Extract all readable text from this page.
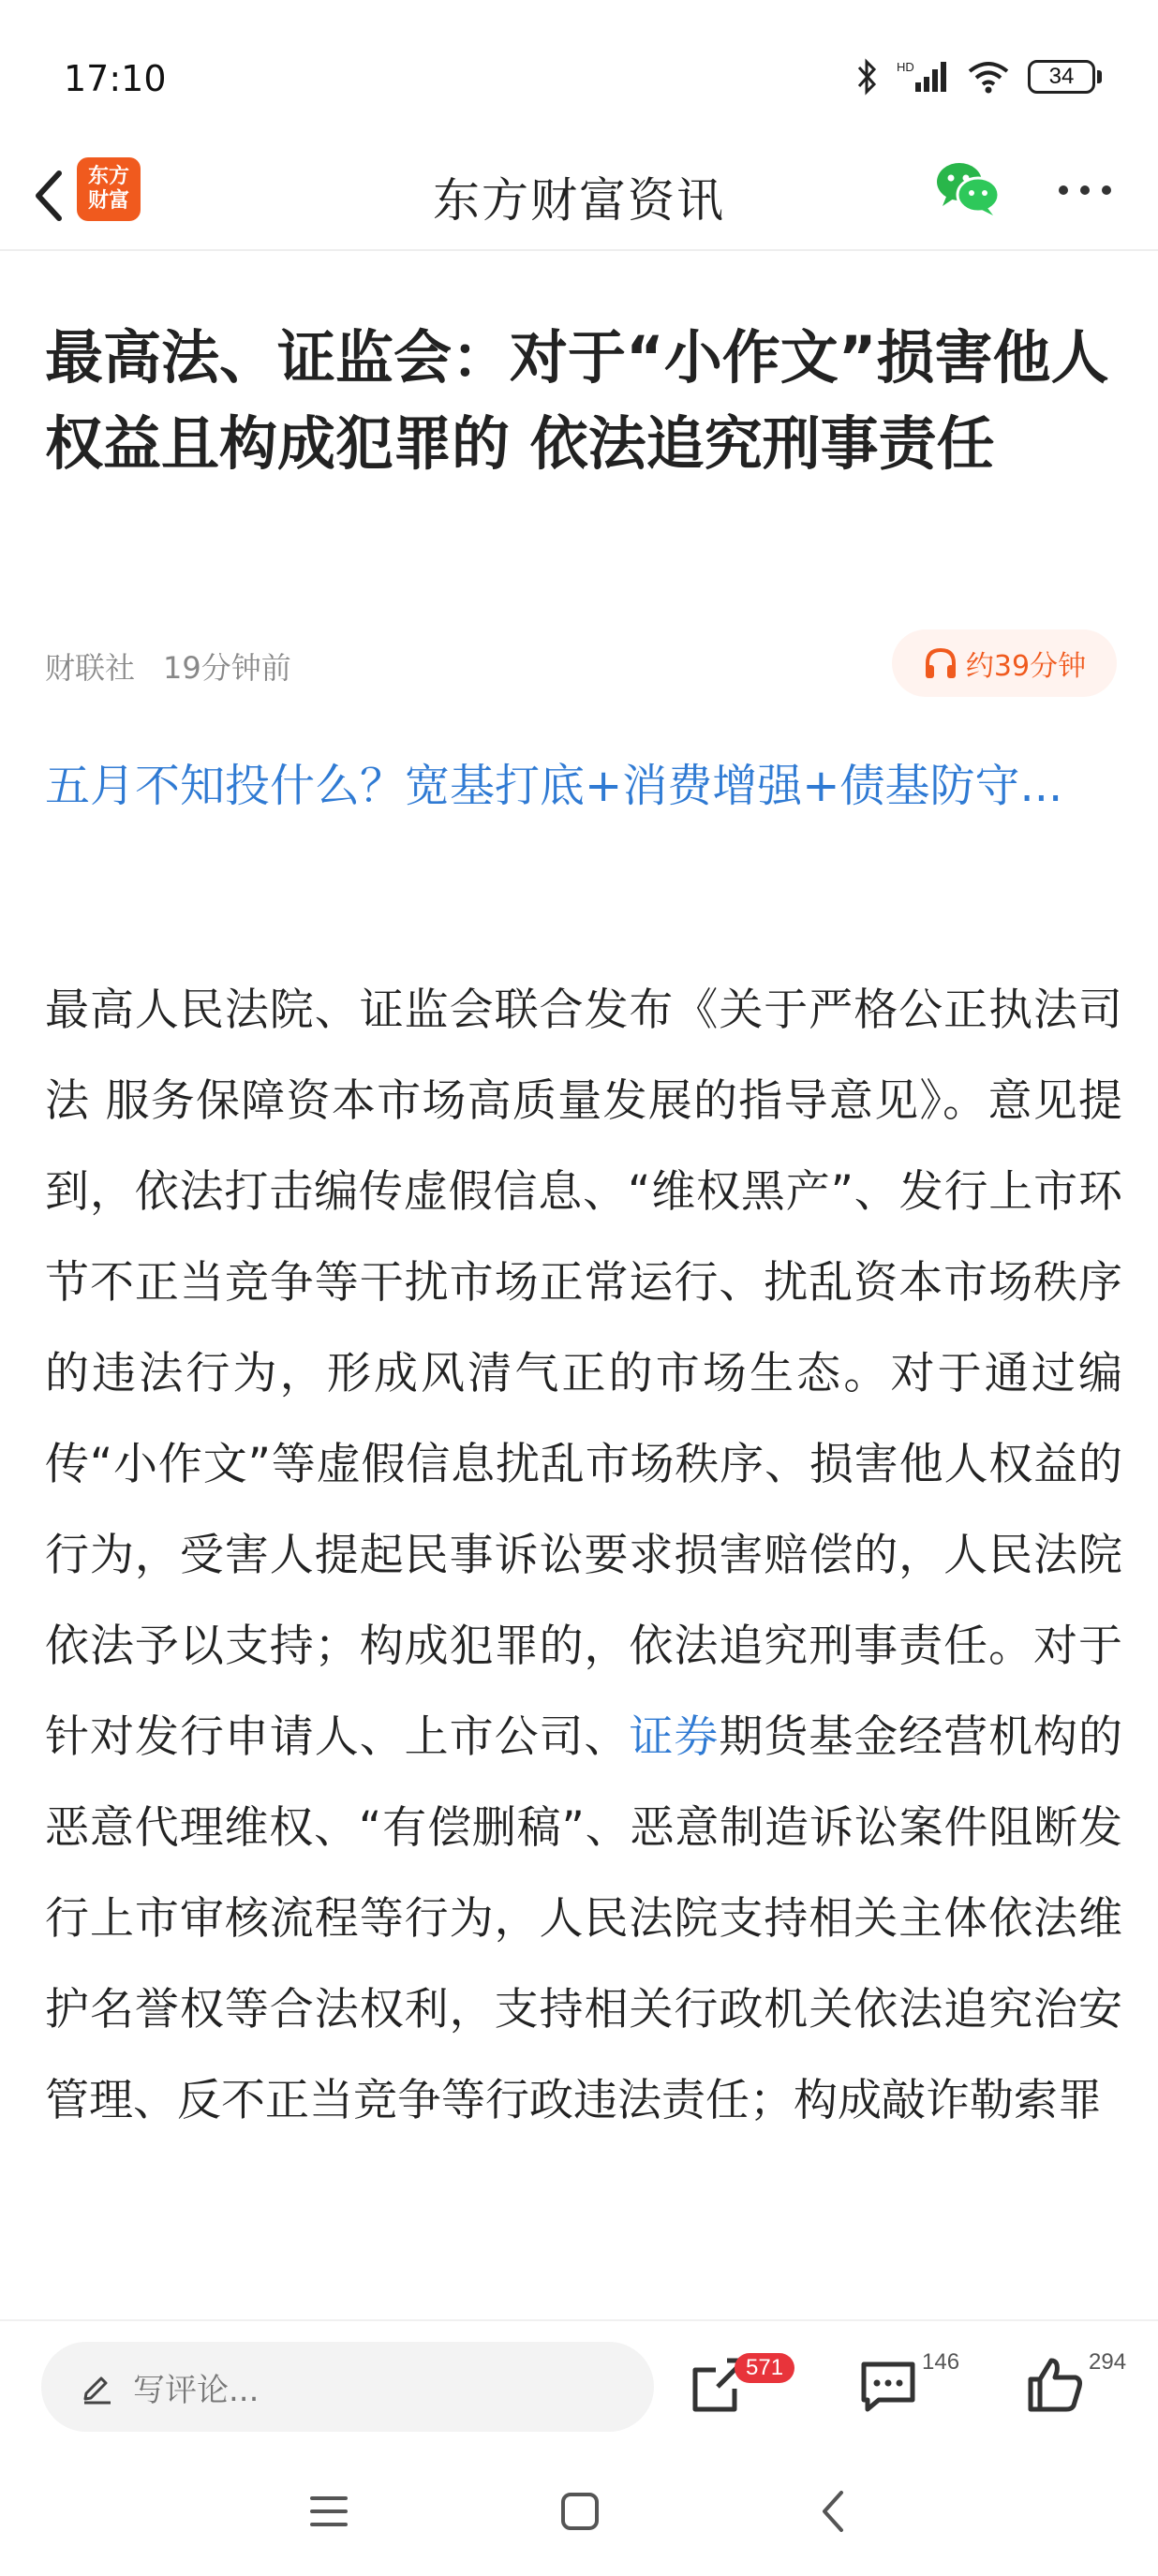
17:10	HD	34
东方
财富	东方财富资讯
最高法、证监会：对于“小作文”损害他人权益且构成犯罪的 依法追究刑事责任
财联社 19分钟前	约39分钟
五月不知投什么？宽基打底+消费增强+债基防守...
最高人民法院、证监会联合发布《关于严格公正执法司法 服务保障资本市场高质量发展的指导意见》。意见提到，依法打击编传虚假信息、“维权黑产”、发行上市环节不正当竞争等干扰市场正常运行、扰乱资本市场秩序的违法行为，形成风清气正的市场生态。对于通过编传“小作文”等虚假信息扰乱市场秩序、损害他人权益的行为，受害人提起民事诉讼要求损害赔偿的，人民法院依法予以支持；构成犯罪的，依法追究刑事责任。对于针对发行申请人、上市公司、证券期货基金经营机构的恶意代理维权、“有偿删稿”、恶意制造诉讼案件阻断发行上市审核流程等行为，人民法院支持相关主体依法维护名誉权等合法权利，支持相关行政机关依法追究治安管理、反不正当竞争等行政违法责任；构成敲诈勒索罪
写评论...
571	146	294
